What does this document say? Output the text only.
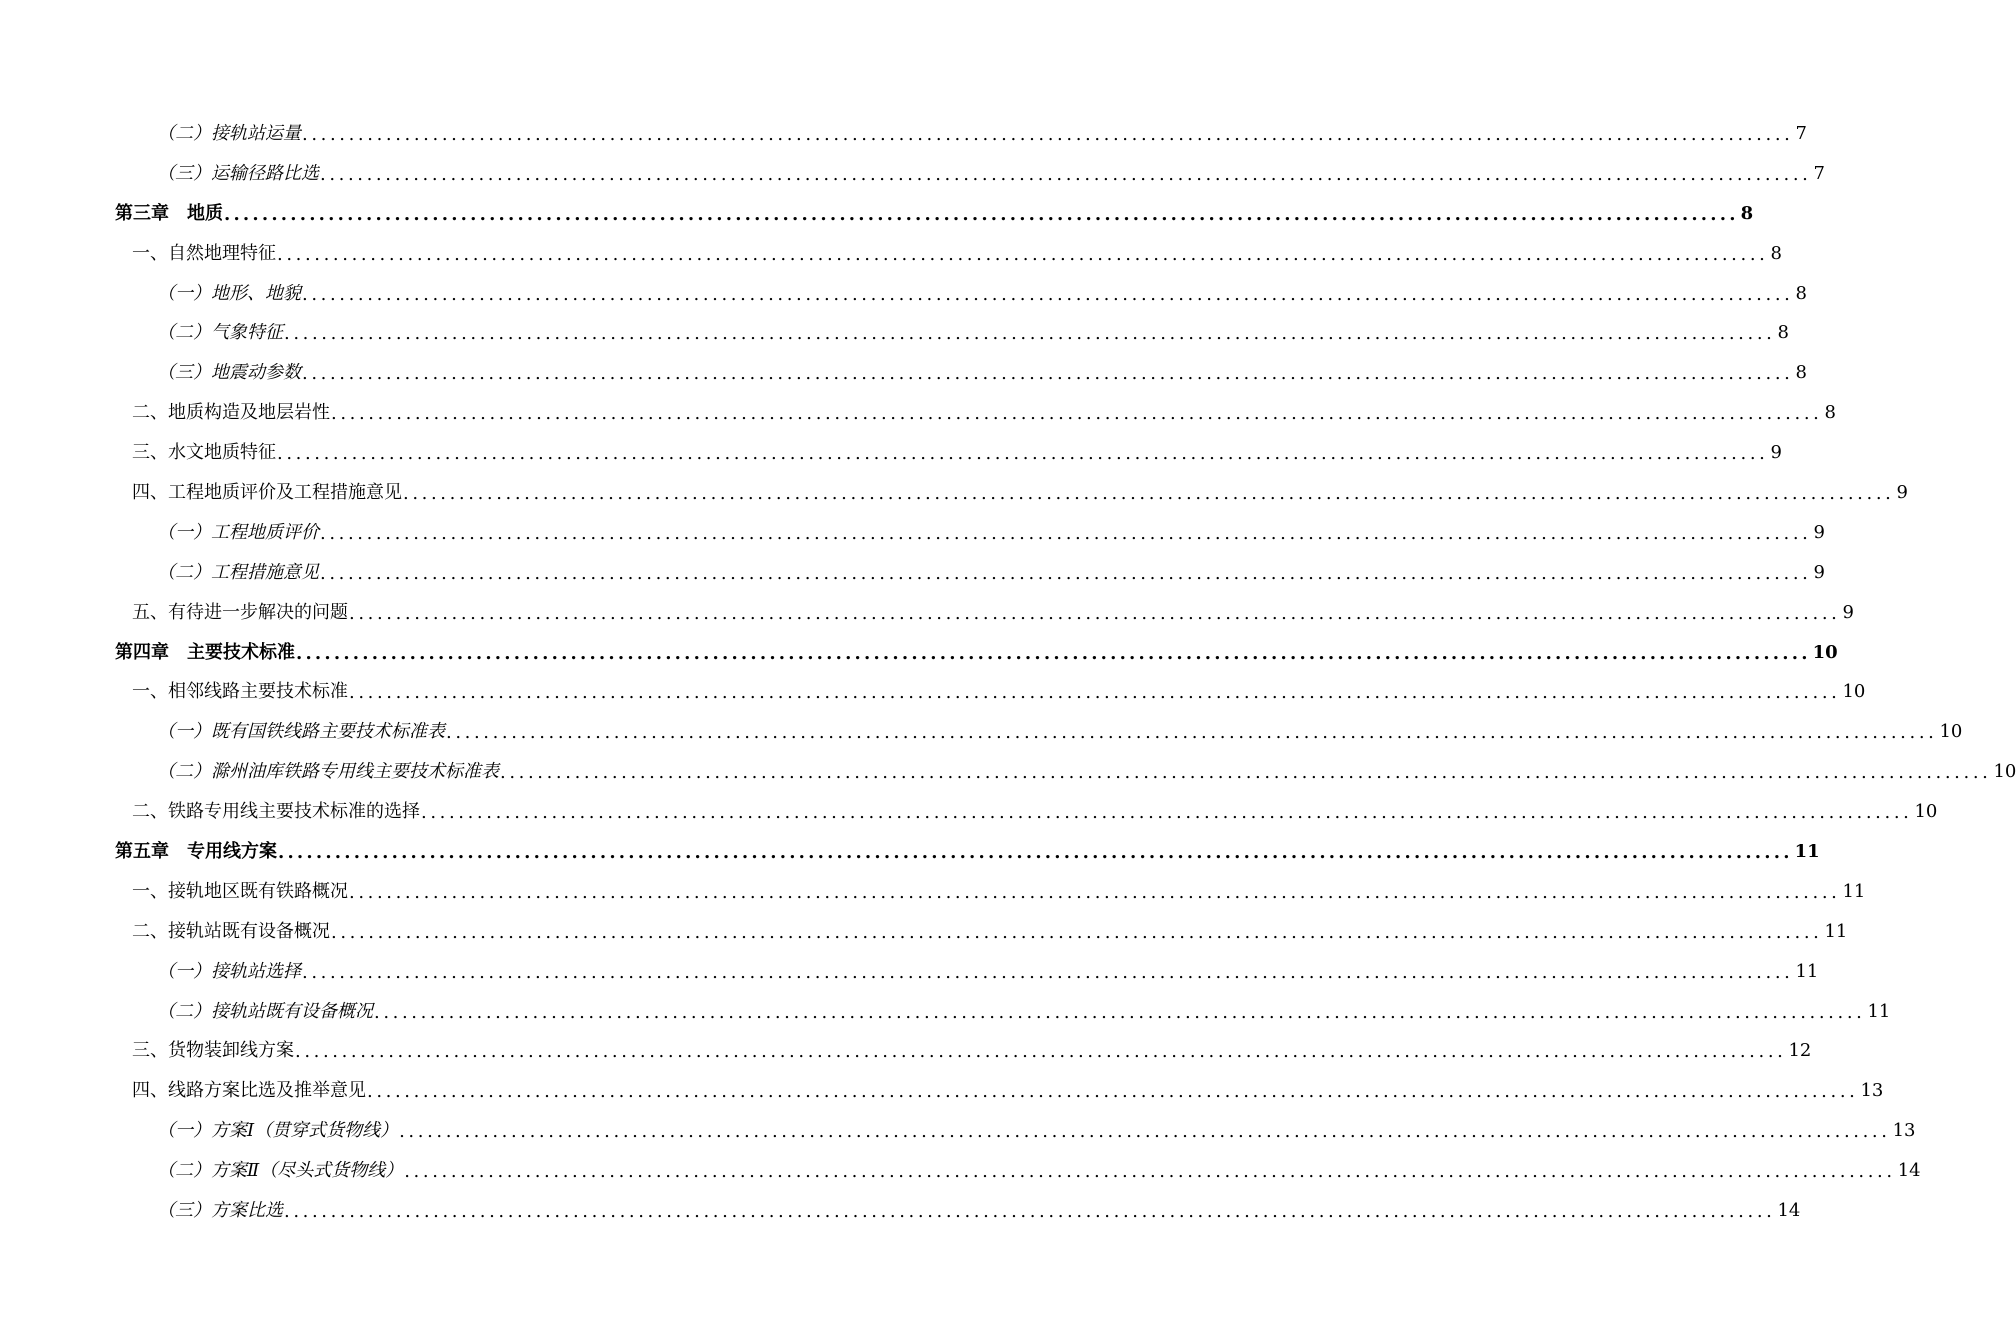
（二）接轨站运量 ................................................................................................................................................................ 7
（三）运输径路比选 ................................................................................................................................................................ 7
第三章　地质 ................................................................................................................................................................ 8
一、自然地理特征 ................................................................................................................................................................ 8
（一）地形、地貌 ................................................................................................................................................................ 8
（二）气象特征 ................................................................................................................................................................ 8
（三）地震动参数 ................................................................................................................................................................ 8
二、地质构造及地层岩性 ................................................................................................................................................................ 8
三、水文地质特征 ................................................................................................................................................................ 9
四、工程地质评价及工程措施意见 ................................................................................................................................................................ 9
（一）工程地质评价 ................................................................................................................................................................ 9
（二）工程措施意见 ................................................................................................................................................................ 9
五、有待进一步解决的问题 ................................................................................................................................................................ 9
第四章　主要技术标准 ................................................................................................................................................................ 10
一、相邻线路主要技术标准 ................................................................................................................................................................ 10
（一）既有国铁线路主要技术标准表 ................................................................................................................................................................ 10
（二）滁州油库铁路专用线主要技术标准表 ................................................................................................................................................................ 10
二、铁路专用线主要技术标准的选择 ................................................................................................................................................................ 10
第五章　专用线方案 ................................................................................................................................................................ 11
一、接轨地区既有铁路概况 ................................................................................................................................................................ 11
二、接轨站既有设备概况 ................................................................................................................................................................ 11
（一）接轨站选择 ................................................................................................................................................................ 11
（二）接轨站既有设备概况 ................................................................................................................................................................ 11
三、货物装卸线方案 ................................................................................................................................................................ 12
四、线路方案比选及推举意见 ................................................................................................................................................................ 13
（一）方案Ⅰ（贯穿式货物线） ................................................................................................................................................................ 13
（二）方案Ⅱ（尽头式货物线） ................................................................................................................................................................ 14
（三）方案比选 ................................................................................................................................................................ 14
